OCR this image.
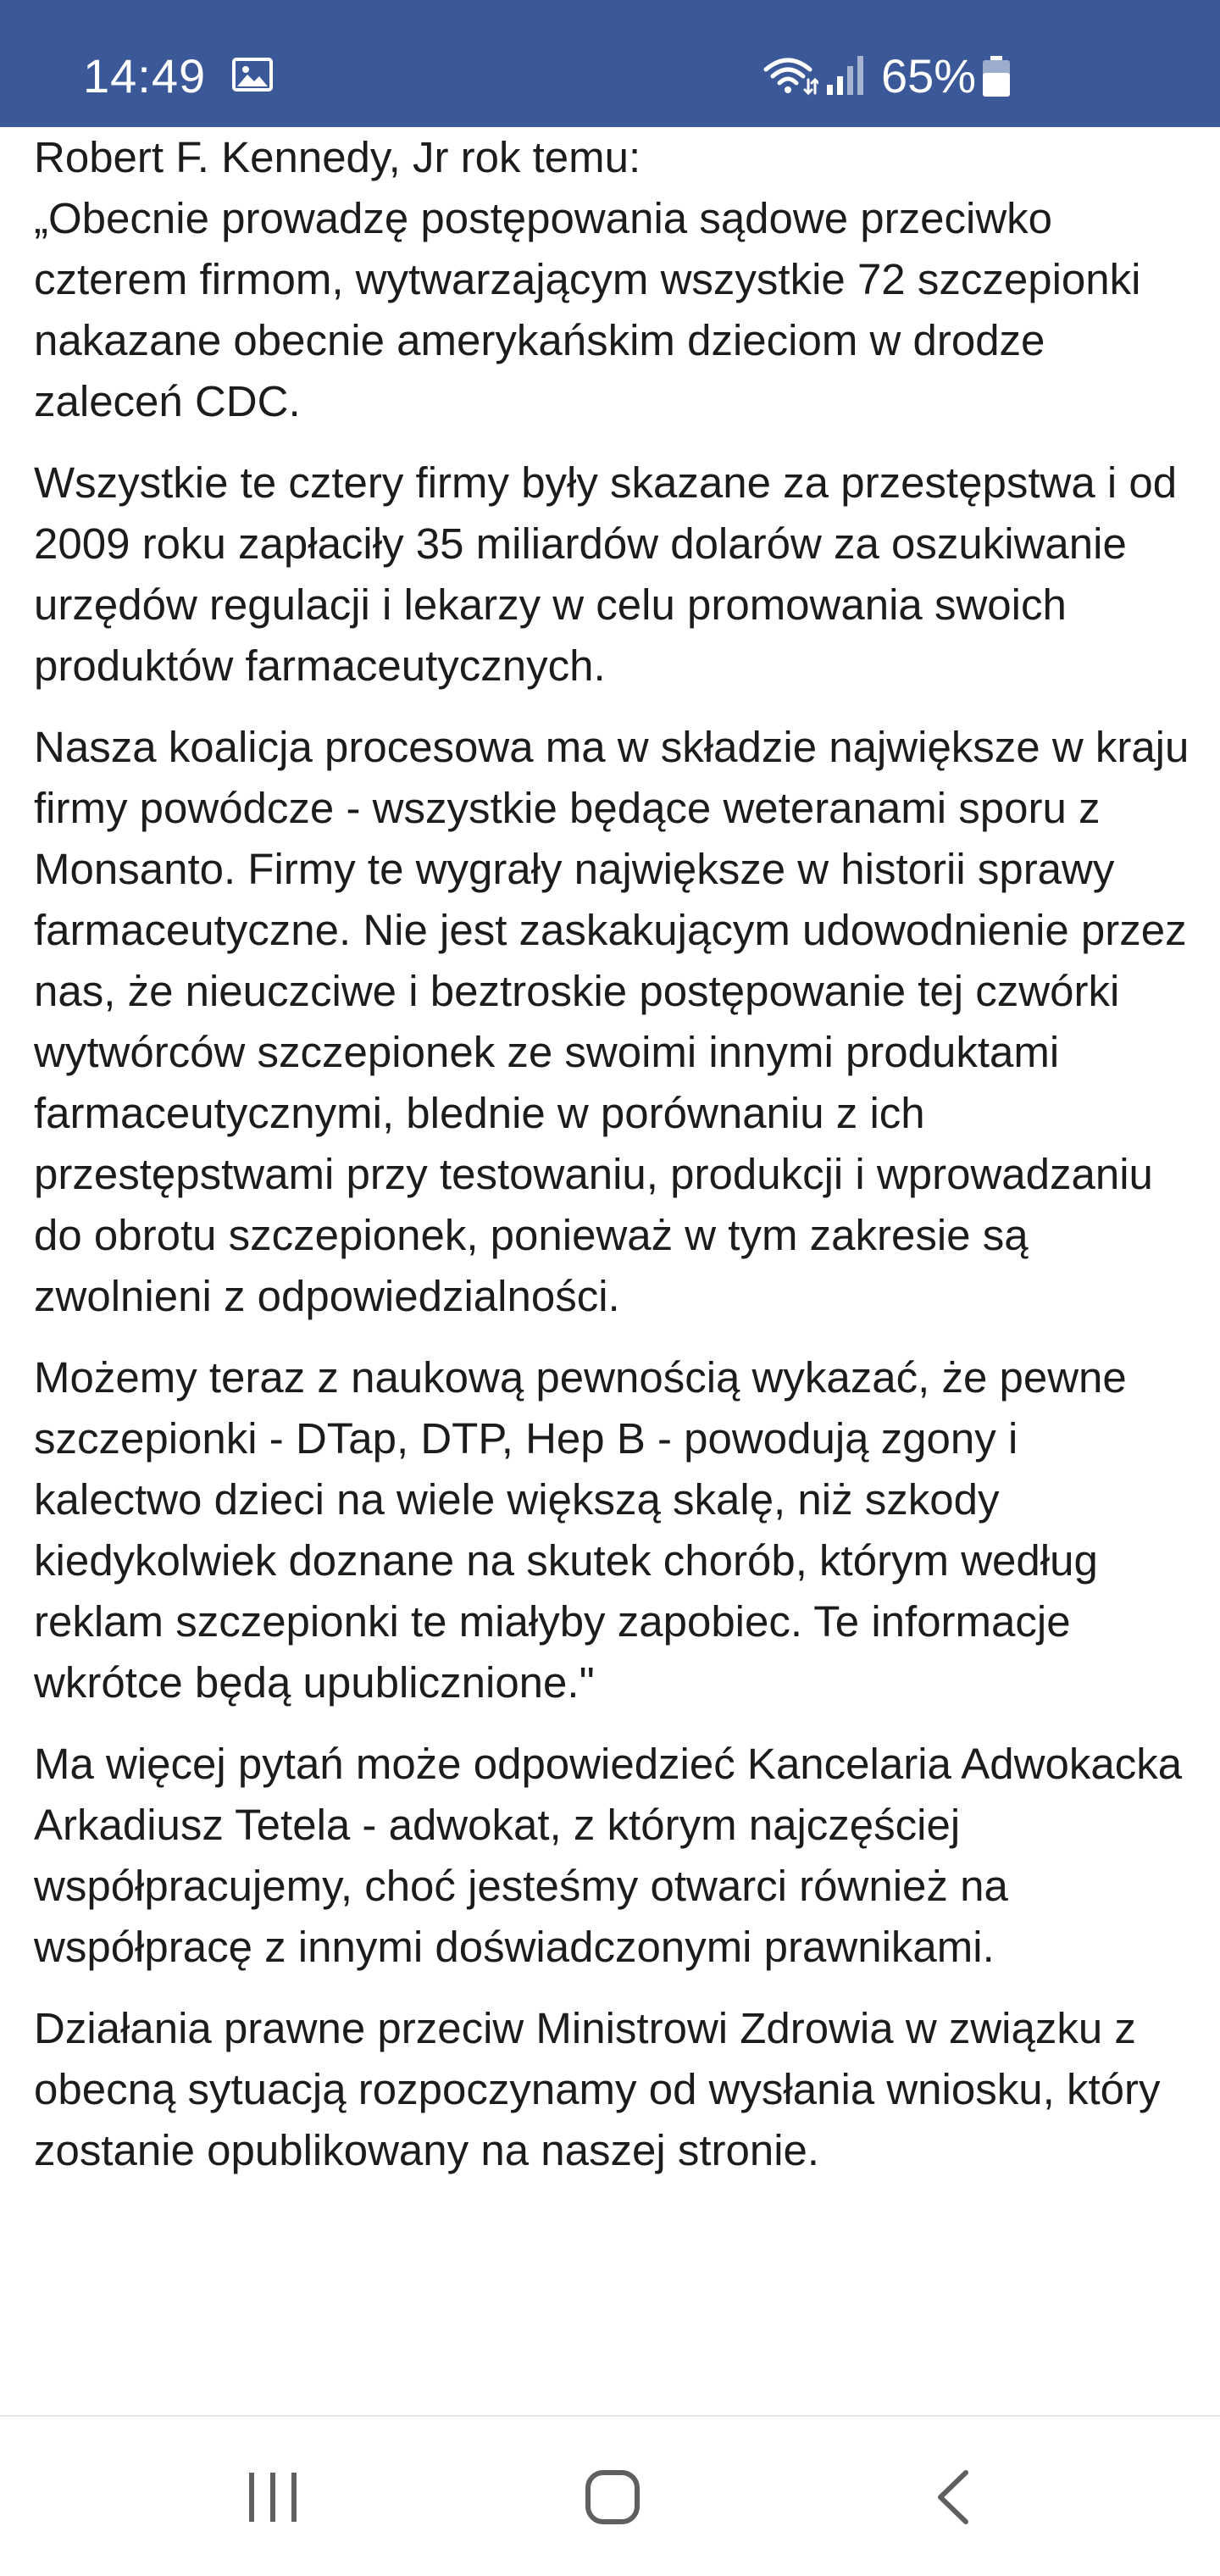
14:49	65%

Robert F. Kennedy, Jr rok temu:
„Obecnie prowadzę postępowania sądowe przeciwko czterem firmom, wytwarzającym wszystkie 72 szczepionki nakazane obecnie amerykańskim dzieciom w drodze zaleceń CDC.

Wszystkie te cztery firmy były skazane za przestępstwa i od 2009 roku zapłaciły 35 miliardów dolarów za oszukiwanie urzędów regulacji i lekarzy w celu promowania swoich produktów farmaceutycznych.

Nasza koalicja procesowa ma w składzie największe w kraju firmy powódcze - wszystkie będące weteranami sporu z Monsanto. Firmy te wygrały największe w historii sprawy farmaceutyczne. Nie jest zaskakującym udowodnienie przez nas, że nieuczciwe i beztroskie postępowanie tej czwórki wytwórców szczepionek ze swoimi innymi produktami farmaceutycznymi, blednie w porównaniu z ich przestępstwami przy testowaniu, produkcji i wprowadzaniu do obrotu szczepionek, ponieważ w tym zakresie są zwolnieni z odpowiedzialności.

Możemy teraz z naukową pewnością wykazać, że pewne szczepionki - DTap, DTP, Hep B - powodują zgony i kalectwo dzieci na wiele większą skalę, niż szkody kiedykolwiek doznane na skutek chorób, którym według reklam szczepionki te miałyby zapobiec. Te informacje wkrótce będą upublicznione."

Ma więcej pytań może odpowiedzieć Kancelaria Adwokacka Arkadiusz Tetela - adwokat, z którym najczęściej współpracujemy, choć jesteśmy otwarci również na współpracę z innymi doświadczonymi prawnikami.

Działania prawne przeciw Ministrowi Zdrowia w związku z obecną sytuacją rozpoczynamy od wysłania wniosku, który zostanie opublikowany na naszej stronie.
